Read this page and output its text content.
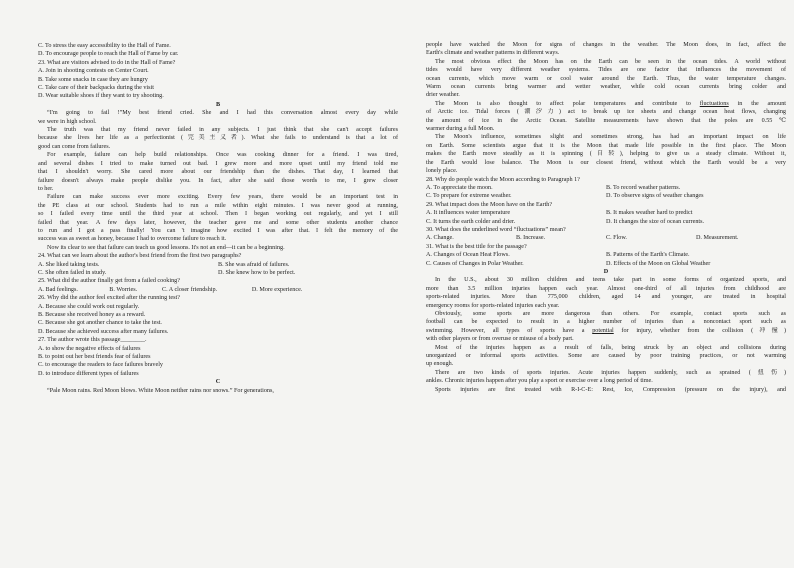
C. To stress the easy accessibility to the Hall of Fame.
D. To encourage people to reach the Hall of Fame by car.
23. What are visitors advised to do in the Hall of Fame?
A. Join in shooting contests on Center Court.
B. Take some snacks in case they are hungry
C. Take care of their backpacks during the visit
D. Wear suitable shoes if they want to try shooting.
B
“I'm going to fail !”My best friend cried. She and I had this conversation almost every day while
we were in high school.
The truth was that my friend never failed in any subjects. I just think that she can't accept failures
because she lives her life as a perfectionist (完美主义者). What she fails to understand is that a lot of
good can come from failures.
For example, failure can help build relationships. Once was cooking dinner for a friend. I was tired,
and several dishes I tried to make turned out bad. I grew more and more upset until my friend told me
that I shouldn't worry. She cared more about our friendship than the dishes. That day, I learned that
failure doesn't always make people dislike you. In fact, after she said those words to me, I grew closer
to her.
Failure can make success ever more exciting. Every few years, there would be an important test in
the PE class at our school. Students had to run a mile within eight minutes. I was never good at running,
so I failed every time until the third year at school. Then I began working out regularly, and yet I still
failed that year. A few days later, however, the teacher gave me and some other students another chance
to run and I got a pass finally! You can 't imagine how excited I was after that. I felt the memory of the
success was as sweet as honey, because I had to overcome failure to reach it.
Now its clear to see that failure can teach us good lessons. It's not an end—it can be a beginning.
24. What can we learn about the author's best friend from the first two paragraphs?
A. She liked taking tests.	B. She was afraid of failures.
C. She often failed in study.	D. She knew how to be perfect.
25. What did the author finally get from a failed cooking?
A. Bad feelings.	B. Worries.	C. A closer friendship.	D. More experience.
26. Why did the author feel excited after the running test?
A. Because she could work out regularly.
B. Because she received honey as a reward.
C. Because she got another chance to take the test.
D. Because she achieved success after many failures.
27. The author wrote this passage________.
A. to show the negative effects of failures
B. to point out her best friends fear of failures
C. to encourage the readers to face failures bravely
D. to introduce different types of failures
C
“Pale Moon rains. Red Moon blows. White Moon neither rains nor snows.” For generations,
people have watched the Moon for signs of changes in the weather. The Moon does, in fact, affect the
Earth's climate and weather patterns in different ways.
The most obvious effect the Moon has on the Earth can be seen in the ocean tides. A world without
tides would have very different weather systems. Tides are one factor that influences the movement of
ocean currents, which move warm or cool water around the Earth. Thus, the water temperature changes.
Warm ocean currents bring warmer and wetter weather, while cold ocean currents bring colder and
drier weather.
The Moon is also thought to affect polar temperatures and contribute to fluctuations in the amount
of Arctic ice. Tidal forces (潮汐力) act to break up ice sheets and change ocean heat flows, changing
the amount of ice in the Arctic Ocean. Satellite measurements have shown that the poles are 0.55℃
warmer during a full Moon.
The Moon's influence, sometimes slight and sometimes strong, has had an important impact on life
on Earth. Some scientists argue that it is the Moon that made life possible in the first place. The Moon
makes the Earth move steadily as it is spinning (自转), helping to give us a steady climate. Without it,
the Earth would lose balance. The Moon is our closest friend, without which the Earth would be a very
lonely place.
28. Why do people watch the Moon according to Paragraph 1?
A. To appreciate the moon.	B. To record weather patterns.
C. To prepare for extreme weather.	D. To observe signs of weather changes
29. What impact does the Moon have on the Earth?
A. It influences water temperature	B. It makes weather hard to predict
C. It turns the earth colder and drier.	D. It changes the size of ocean currents.
30. What does the underlined word “fluctuations” mean?
A. Change.	B. Increase.	C. Flow.	D. Measurement.
31. What is the best title for the passage?
A. Changes of Ocean Heat Flows.	B. Patterns of the Earth's Climate.
C. Causes of Changes in Polar Weather.	D. Effects of the Moon on Global Weather
D
In the U.S., about 30 million children and teens take part in some forms of organized sports, and
more than 3.5 million injuries happen each year. Almost one-third of all injuries from childhood are
sports-related injuries. More than 775,000 children, aged 14 and younger, are treated in hospital
emergency rooms for sports-related injuries each year.
Obviously, some sports are more dangerous than others. For example, contact sports such as
football can be expected to result in a higher number of injuries than a noncontact sport such as
swimming. However, all types of sports have a potential for injury, whether from the collision (冲撞)
with other players or from overuse or misuse of a body part.
Most of the injuries happen as a result of falls, being struck by an object and collisions during
unorganized or informal sports activities. Some are caused by poor training practices, or not warming
up enough.
There are two kinds of sports injuries. Acute injuries happen suddenly, such as sprained (扭伤)
ankles. Chronic injuries happen after you play a sport or exercise over a long period of time.
Sports injuries are first treated with R-I-C-E: Rest, Ice, Compression (pressure on the injury), and
